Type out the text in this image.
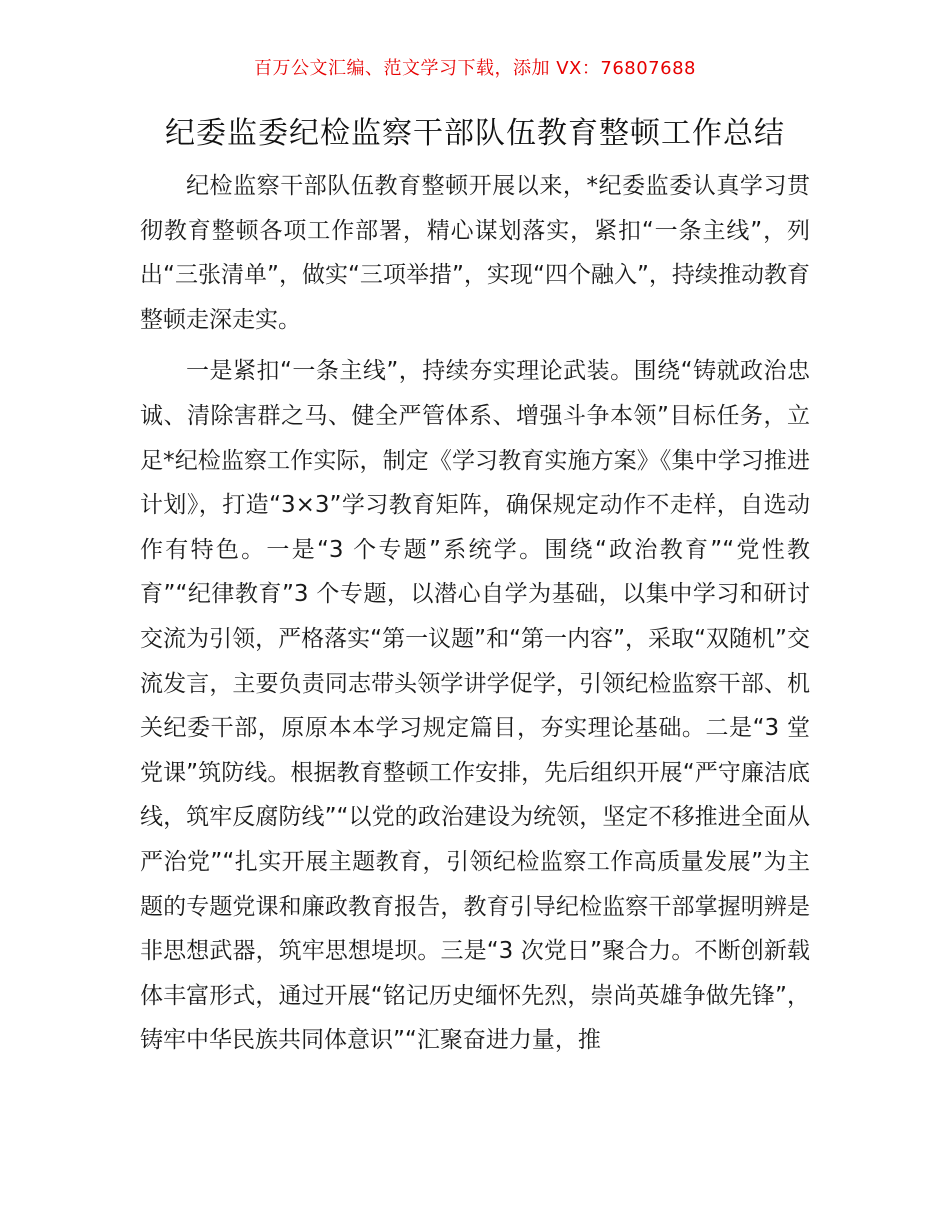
百万公文汇编、范文学习下载，添加 VX：76807688
纪委监委纪检监察干部队伍教育整顿工作总结

纪检监察干部队伍教育整顿开展以来，*纪委监委认真学习贯彻教育整顿各项工作部署，精心谋划落实，紧扣“一条主线”，列出“三张清单”，做实“三项举措”，实现“四个融入”，持续推动教育整顿走深走实。

一是紧扣“一条主线”，持续夯实理论武装。围绕“铸就政治忠诚、清除害群之马、健全严管体系、增强斗争本领”目标任务，立足*纪检监察工作实际，制定《学习教育实施方案》《集中学习推进计划》，打造“3×3”学习教育矩阵，确保规定动作不走样，自选动作有特色。一是“3 个专题”系统学。围绕“政治教育”“党性教育”“纪律教育”3 个专题，以潜心自学为基础，以集中学习和研讨交流为引领，严格落实“第一议题”和“第一内容”，采取“双随机”交流发言，主要负责同志带头领学讲学促学，引领纪检监察干部、机关纪委干部，原原本本学习规定篇目，夯实理论基础。二是“3 堂党课”筑防线。根据教育整顿工作安排，先后组织开展“严守廉洁底线，筑牢反腐防线”“以党的政治建设为统领，坚定不移推进全面从严治党”“扎实开展主题教育，引领纪检监察工作高质量发展”为主题的专题党课和廉政教育报告，教育引导纪检监察干部掌握明辨是非思想武器，筑牢思想堤坝。三是“3 次党日”聚合力。不断创新载体丰富形式，通过开展“铭记历史缅怀先烈，崇尚英雄争做先锋”，铸牢中华民族共同体意识”“汇聚奋进力量，推
